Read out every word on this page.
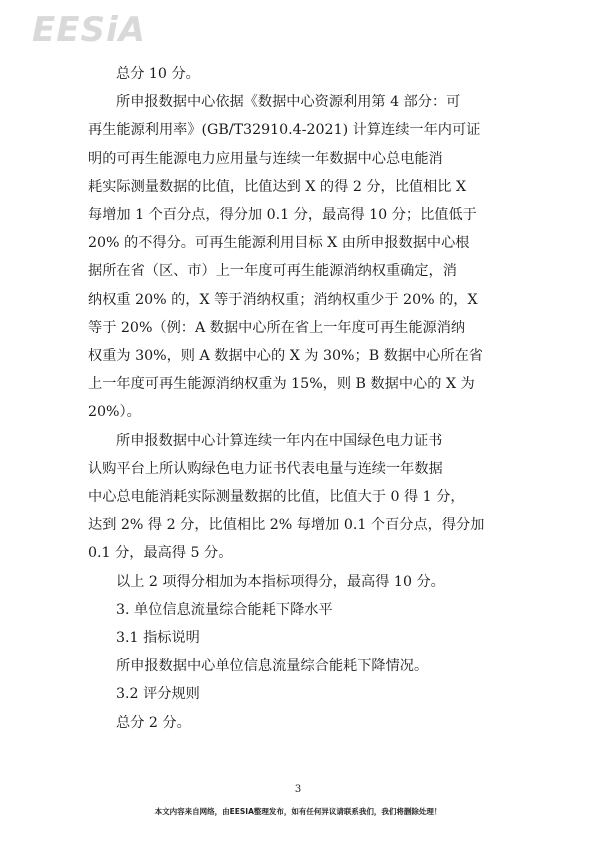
EESiA

总分 10 分。

所申报数据中心依据《数据中心资源利用第 4 部分：可

再生能源利用率》(GB/T32910.4-2021) 计算连续一年内可证

明的可再生能源电力应用量与连续一年数据中心总电能消

耗实际测量数据的比值，比值达到 X 的得 2 分，比值相比 X

每增加 1 个百分点，得分加 0.1 分，最高得 10 分；比值低于

20% 的不得分。可再生能源利用目标 X 由所申报数据中心根

据所在省（区、市）上一年度可再生能源消纳权重确定，消

纳权重 20% 的，X 等于消纳权重；消纳权重少于 20% 的，X

等于 20%（例：A 数据中心所在省上一年度可再生能源消纳

权重为 30%，则 A 数据中心的 X 为 30%；B 数据中心所在省

上一年度可再生能源消纳权重为 15%，则 B 数据中心的 X 为

20%）。

所申报数据中心计算连续一年内在中国绿色电力证书

认购平台上所认购绿色电力证书代表电量与连续一年数据

中心总电能消耗实际测量数据的比值，比值大于 0 得 1 分，

达到 2% 得 2 分，比值相比 2% 每增加 0.1 个百分点，得分加

0.1 分，最高得 5 分。

以上 2 项得分相加为本指标项得分，最高得 10 分。

3. 单位信息流量综合能耗下降水平

3.1 指标说明

所申报数据中心单位信息流量综合能耗下降情况。

3.2 评分规则

总分 2 分。

3
本文内容来自网络，由EESIA整理发布，如有任何异议请联系我们，我们将删除处理！
